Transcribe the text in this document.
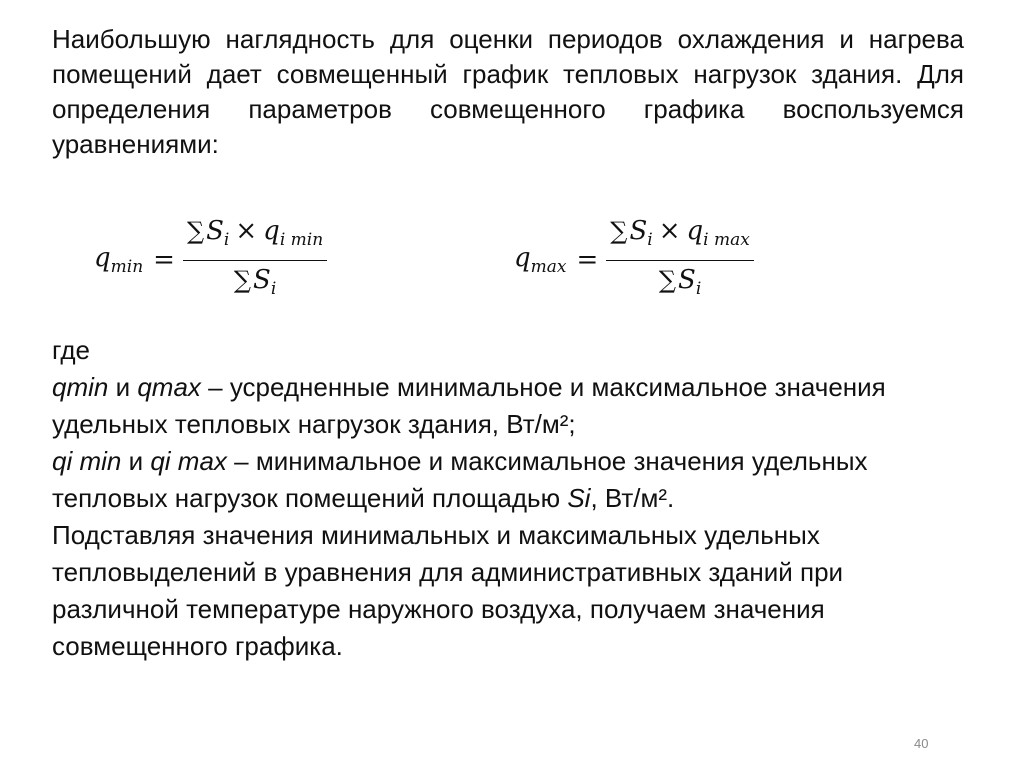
Наибольшую наглядность для оценки периодов охлаждения и нагрева помещений дает совмещенный график тепловых нагрузок здания. Для определения параметров совмещенного графика воспользуемся уравнениями:

$q_{min} = \frac{\sum S_i \times q_{i min}}{\sum S_i}$	$q_{max} = \frac{\sum S_i \times q_{i max}}{\sum S_i}$
где
qmin и qmax – усредненные минимальное и максимальное значения
удельных тепловых нагрузок здания, Вт/м²;
qi min и qi max – минимальное и максимальное значения удельных
тепловых нагрузок помещений площадью Si, Вт/м².
Подставляя значения минимальных и максимальных удельных
тепловыделений в уравнения для административных зданий при
различной температуре наружного воздуха, получаем значения
совмещенного графика.
40
